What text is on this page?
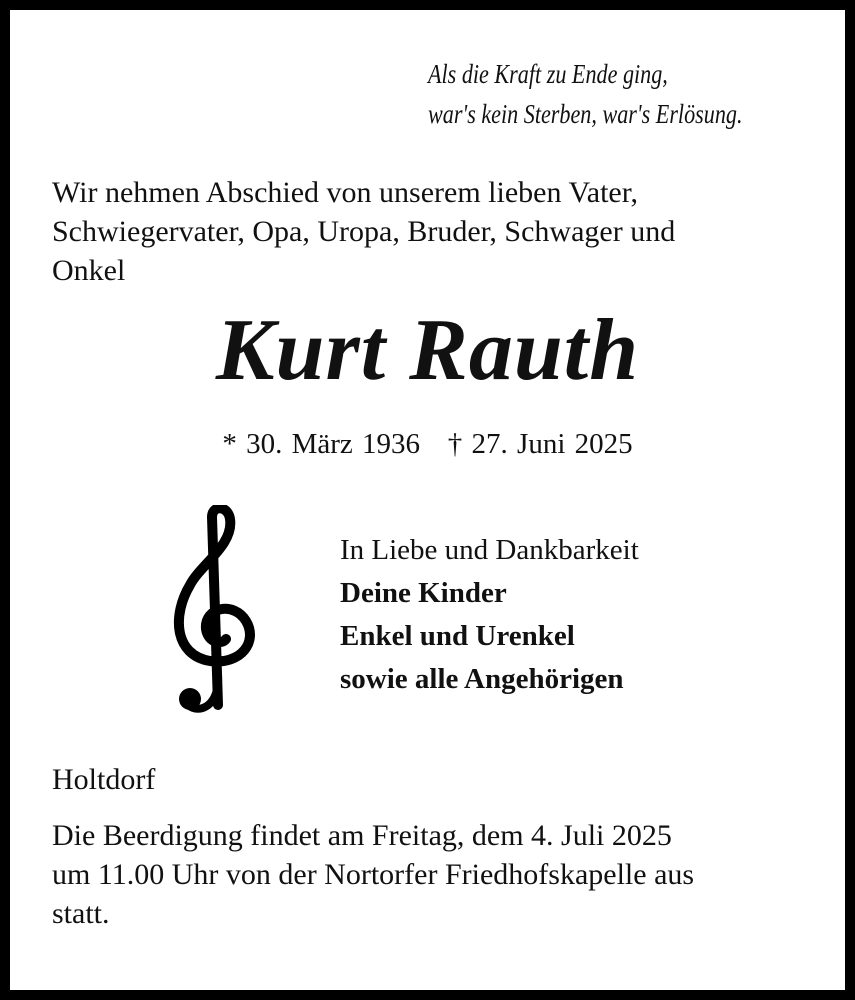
Als die Kraft zu Ende ging,
war's kein Sterben, war's Erlösung.
Wir nehmen Abschied von unserem lieben Vater,
Schwiegervater, Opa, Uropa, Bruder, Schwager und
Onkel
Kurt Rauth
* 30. März 1936   † 27. Juni 2025
In Liebe und Dankbarkeit
Deine Kinder
Enkel und Urenkel
sowie alle Angehörigen
Holtdorf
Die Beerdigung findet am Freitag, dem 4. Juli 2025
um 11.00 Uhr von der Nortorfer Friedhofskapelle aus
statt.
